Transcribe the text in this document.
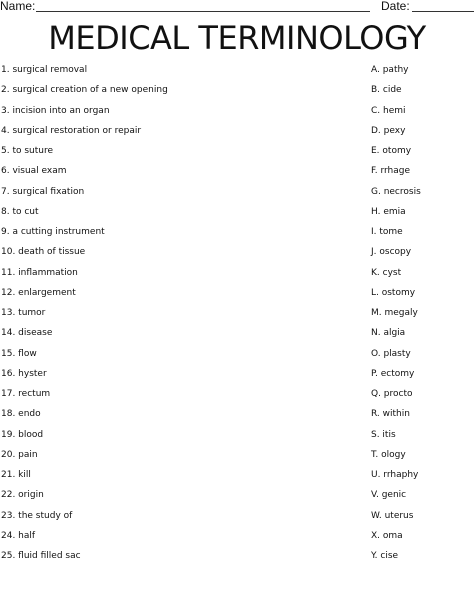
Name:	Date:
MEDICAL TERMINOLOGY
1. surgical removal	A. pathy
2. surgical creation of a new opening	B. cide
3. incision into an organ	C. hemi
4. surgical restoration or repair	D. pexy
5. to suture	E. otomy
6. visual exam	F. rrhage
7. surgical fixation	G. necrosis
8. to cut	H. emia
9. a cutting instrument	I. tome
10. death of tissue	J. oscopy
11. inflammation	K. cyst
12. enlargement	L. ostomy
13. tumor	M. megaly
14. disease	N. algia
15. flow	O. plasty
16. hyster	P. ectomy
17. rectum	Q. procto
18. endo	R. within
19. blood	S. itis
20. pain	T. ology
21. kill	U. rrhaphy
22. origin	V. genic
23. the study of	W. uterus
24. half	X. oma
25. fluid filled sac	Y. cise
